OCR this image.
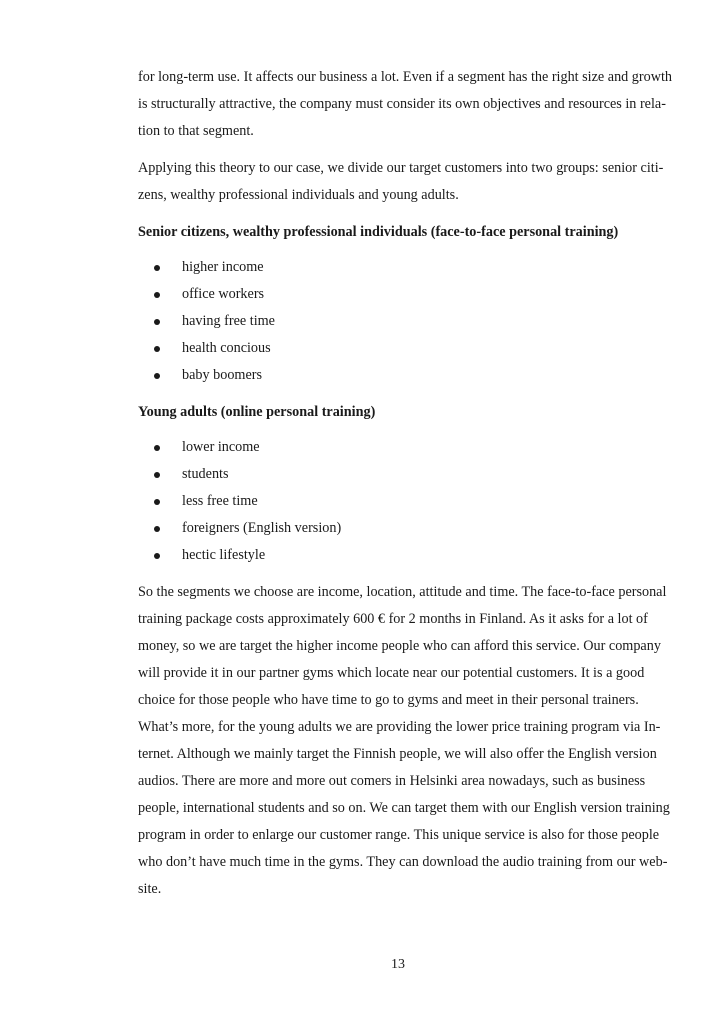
for long-term use. It affects our business a lot. Even if a segment has the right size and growth
is structurally attractive, the company must consider its own objectives and resources in rela-
tion to that segment.
Applying this theory to our case, we divide our target customers into two groups: senior citi-
zens, wealthy professional individuals and young adults.
Senior citizens, wealthy professional individuals (face-to-face personal training)
higher income
office workers
having free time
health concious
baby boomers
Young adults (online personal training)
lower income
students
less free time
foreigners (English version)
hectic lifestyle
So the segments we choose are income, location, attitude and time. The face-to-face personal
training package costs approximately 600 € for 2 months in Finland. As it asks for a lot of
money, so we are target the higher income people who can afford this service. Our company
will provide it in our partner gyms which locate near our potential customers. It is a good
choice for those people who have time to go to gyms and meet in their personal trainers.
What’s more, for the young adults we are providing the lower price training program via In-
ternet. Although we mainly target the Finnish people, we will also offer the English version
audios. There are more and more out comers in Helsinki area nowadays, such as business
people, international students and so on. We can target them with our English version training
program in order to enlarge our customer range. This unique service is also for those people
who don’t have much time in the gyms. They can download the audio training from our web-
site.
13
